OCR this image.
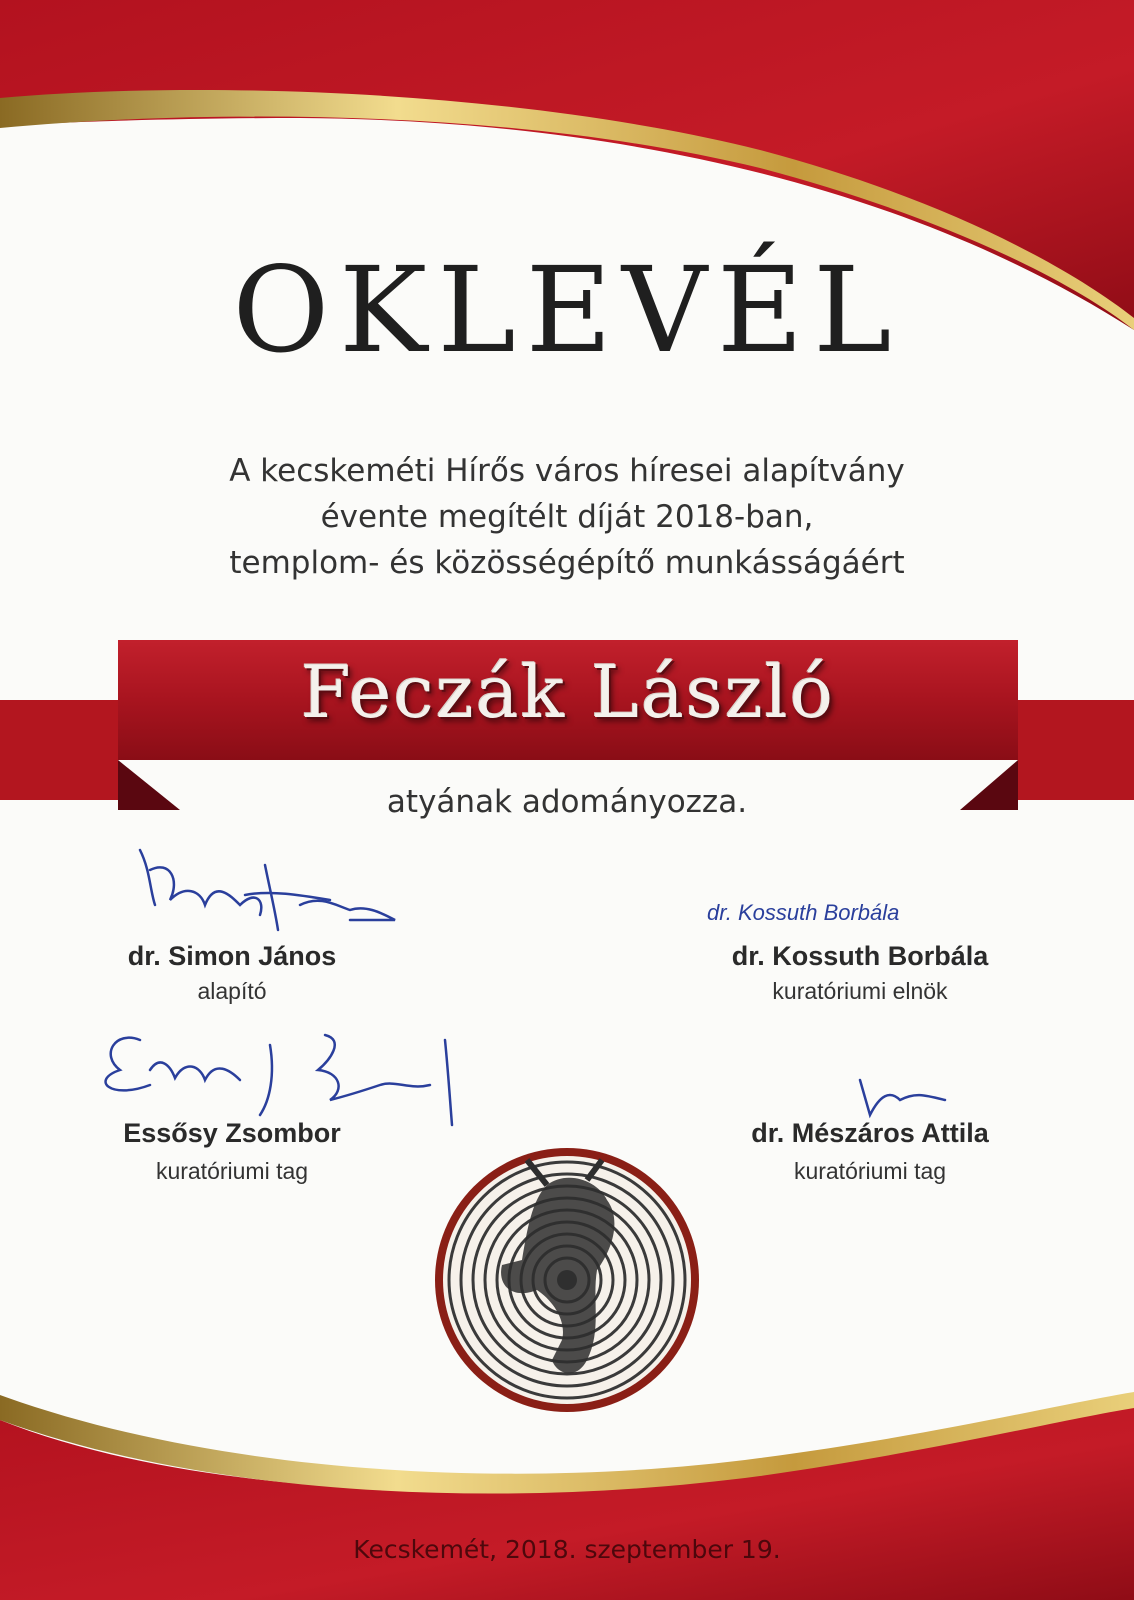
OKLEVÉL
A kecskeméti Hírős város híresei alapítvány
évente megítélt díját 2018-ban,
templom- és közösségépítő munkásságáért
Feczák László
atyának adományozza.
dr. Kossuth Borbála
dr. Simon János
alapító
dr. Kossuth Borbála
kuratóriumi elnök
Essősy Zsombor
kuratóriumi tag
dr. Mészáros Attila
kuratóriumi tag
Kecskemét, 2018. szeptember 19.
